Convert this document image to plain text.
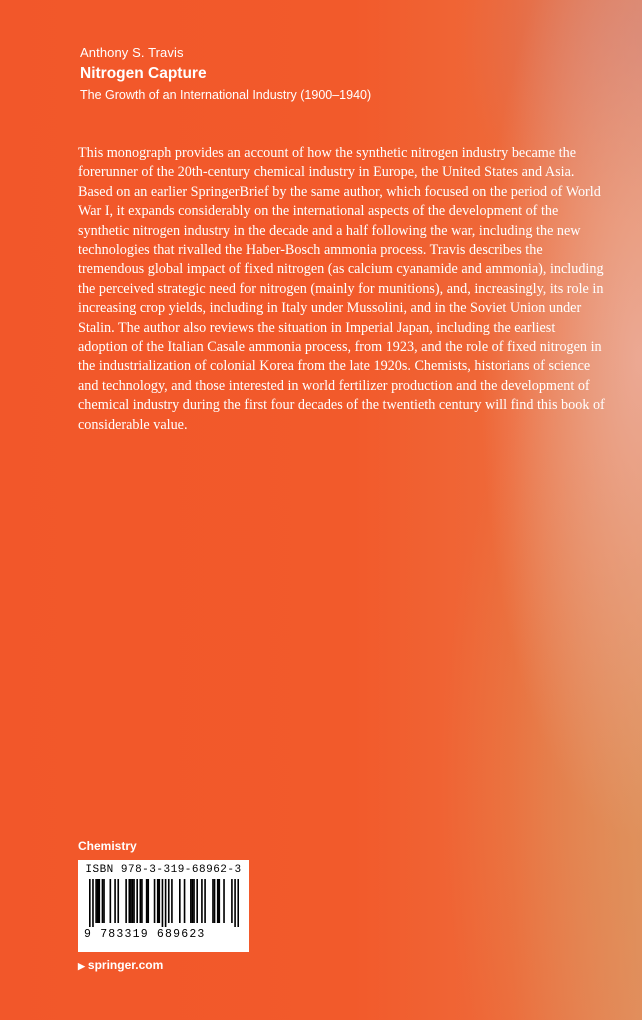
Anthony S. Travis

Nitrogen Capture

The Growth of an International Industry (1900–1940)

This monograph provides an account of how the synthetic nitrogen industry became the forerunner of the 20th-century chemical industry in Europe, the United States and Asia. Based on an earlier SpringerBrief by the same author, which focused on the period of World War I, it expands considerably on the international aspects of the development of the synthetic nitrogen industry in the decade and a half following the war, including the new technologies that rivalled the Haber-Bosch ammonia process. Travis describes the tremendous global impact of fixed nitrogen (as calcium cyanamide and ammonia), including the perceived strategic need for nitrogen (mainly for munitions), and, increasingly, its role in increasing crop yields, including in Italy under Mussolini, and in the Soviet Union under Stalin. The author also reviews the situation in Imperial Japan, including the earliest adoption of the Italian Casale ammonia process, from 1923, and the role of fixed nitrogen in the industrialization of colonial Korea from the late 1920s. Chemists, historians of science and technology, and those interested in world fertilizer production and the development of chemical industry during the first four decades of the twentieth century will find this book of considerable value.

Chemistry

ISBN 978-3-319-68962-3

9 783319 689623

▶ springer.com
